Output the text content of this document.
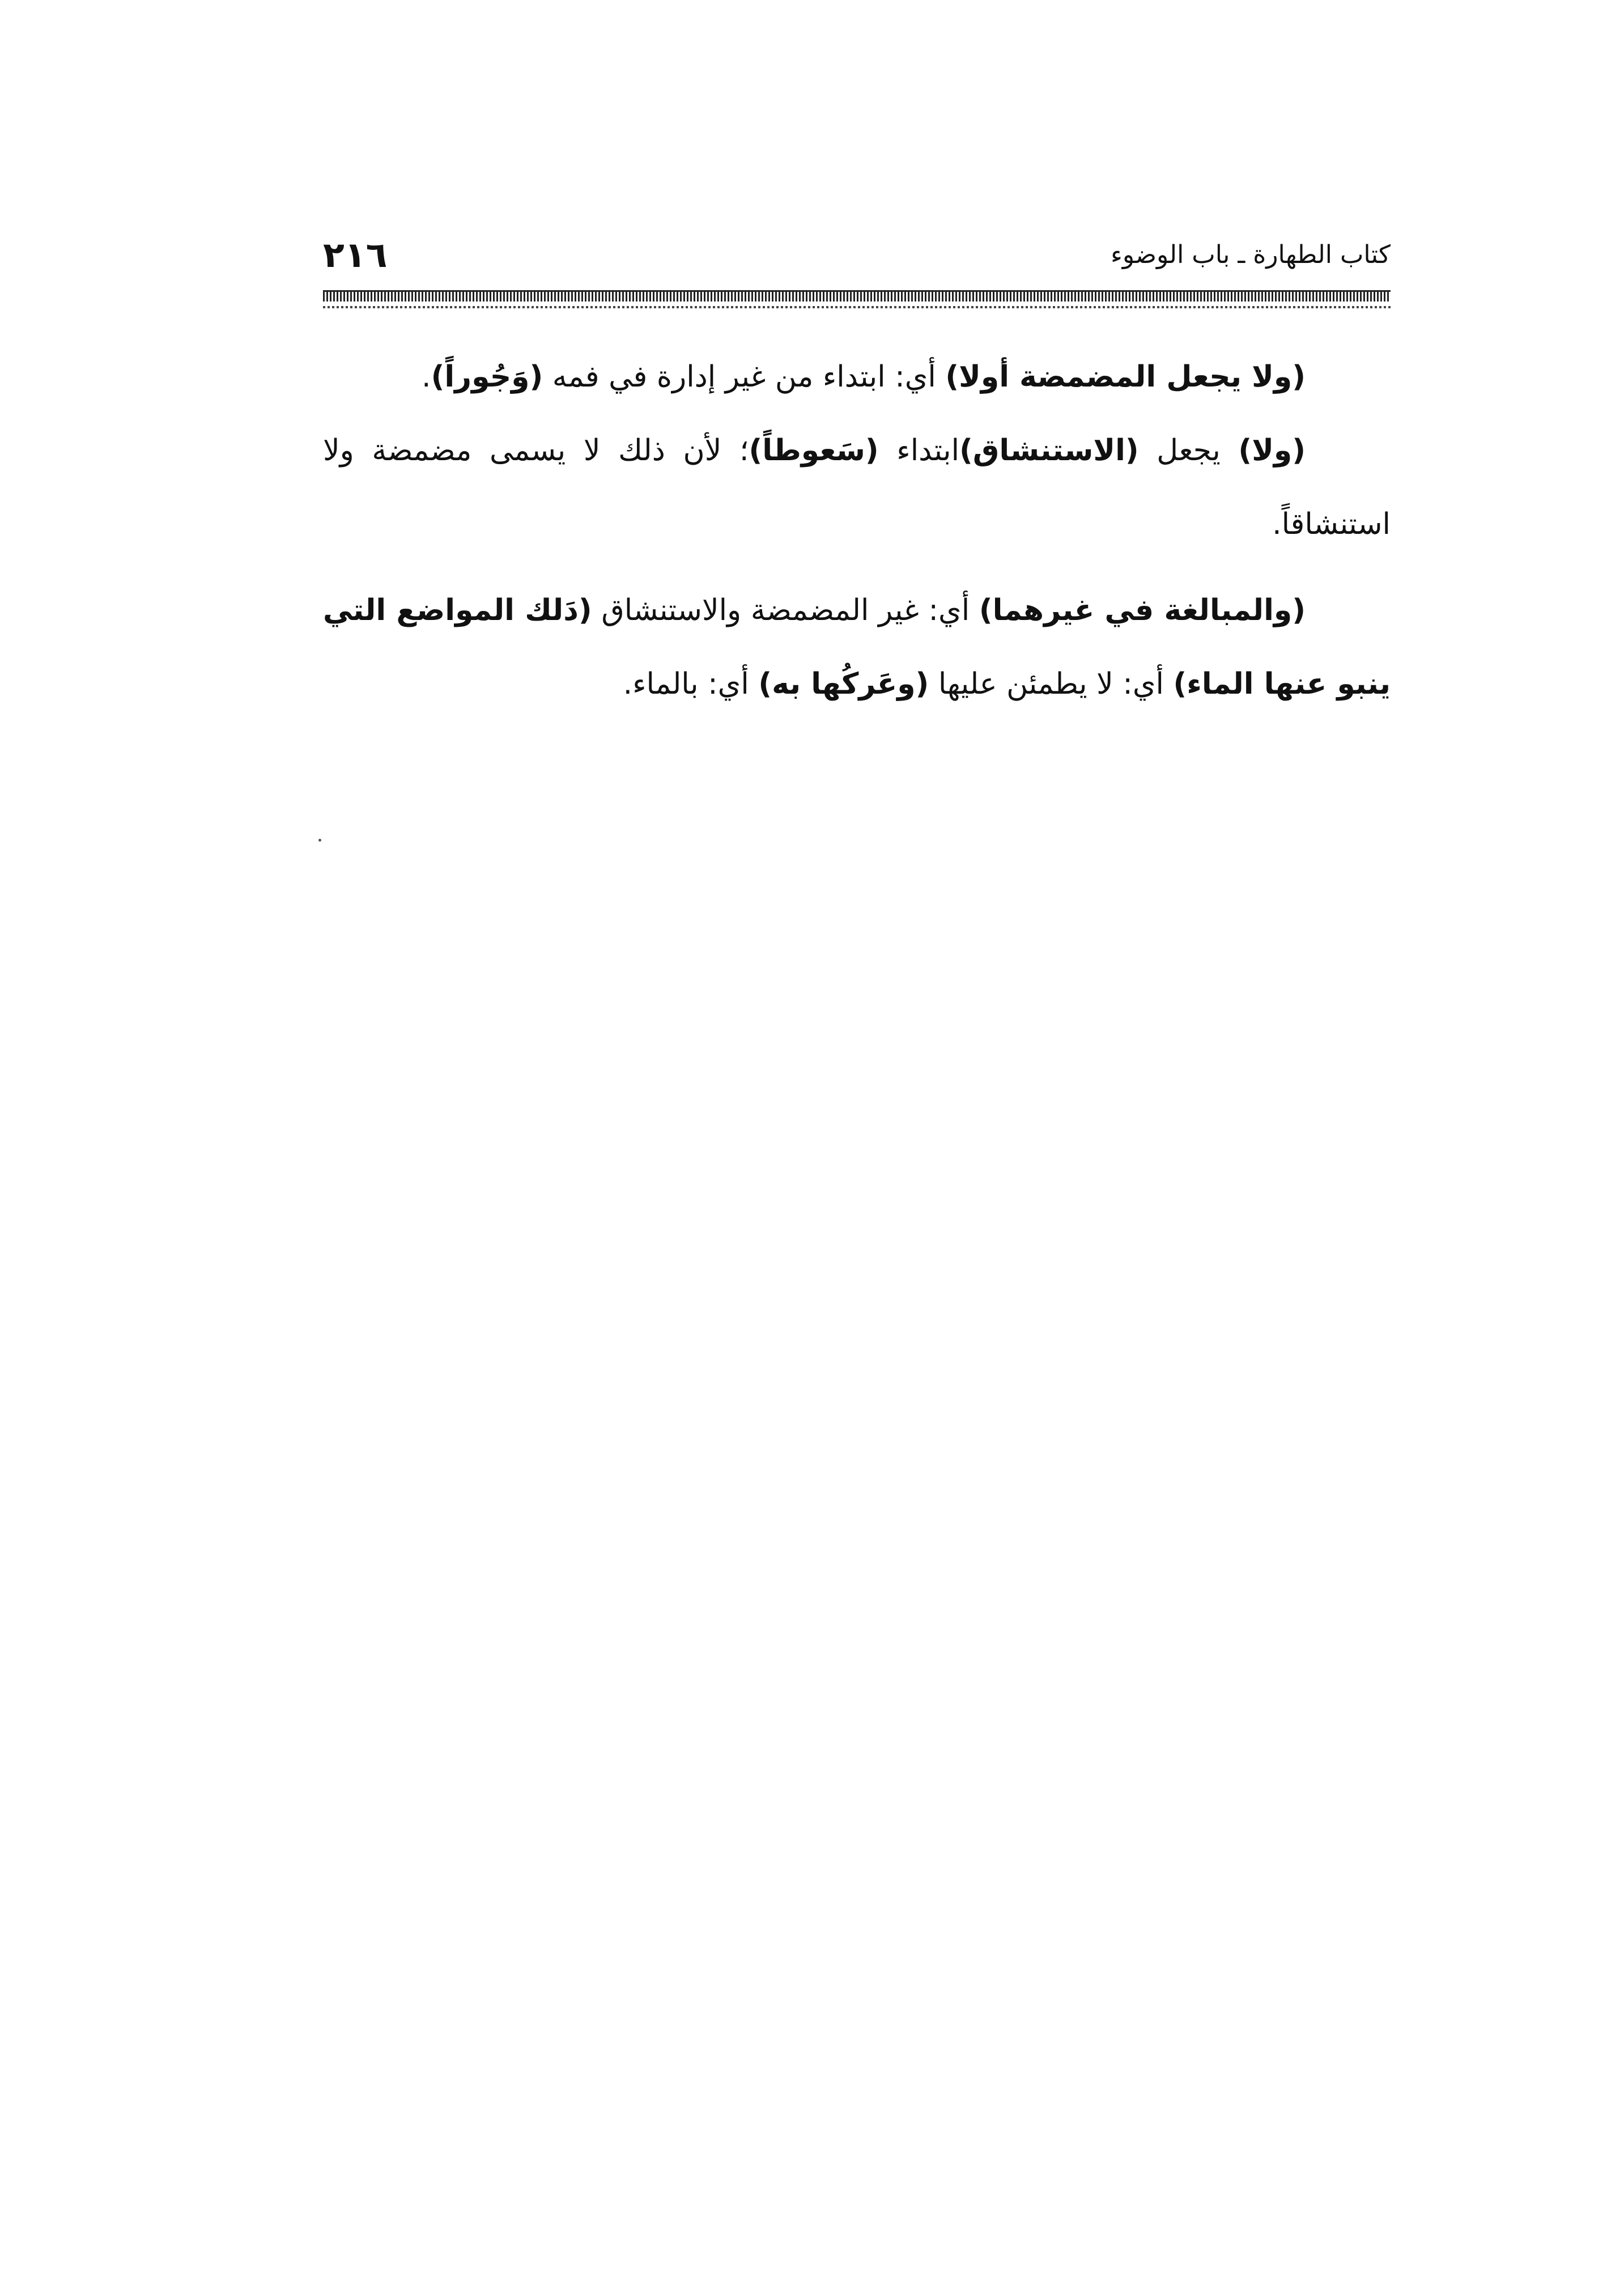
٢١٦	كتاب الطهارة ـ باب الوضوء

(ولا يجعل المضمضة أولا) أي: ابتداء من غير إدارة في فمه (وَجُوراً).

(ولا) يجعل (الاستنشاق)ابتداء (سَعوطاً)؛ لأن ذلك لا يسمى مضمضة ولا استنشاقاً.

(والمبالغة في غيرهما) أي: غير المضمضة والاستنشاق (دَلك المواضع التي ينبو عنها الماء) أي: لا يطمئن عليها (وعَركُها به) أي: بالماء.
